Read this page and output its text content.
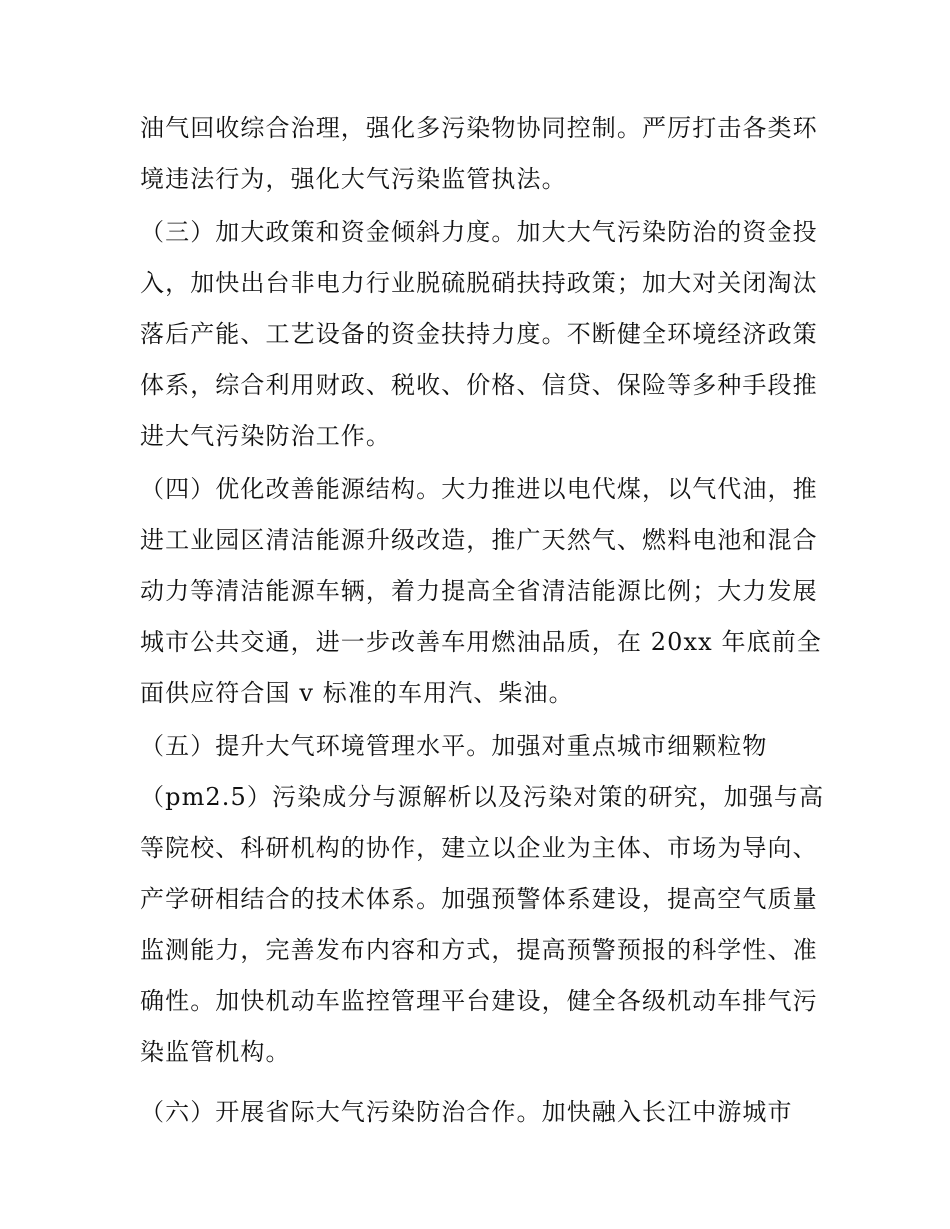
油气回收综合治理，强化多污染物协同控制。严厉打击各类环
境违法行为，强化大气污染监管执法。
（三）加大政策和资金倾斜力度。加大大气污染防治的资金投
入，加快出台非电力行业脱硫脱硝扶持政策；加大对关闭淘汰
落后产能、工艺设备的资金扶持力度。不断健全环境经济政策
体系，综合利用财政、税收、价格、信贷、保险等多种手段推
进大气污染防治工作。
（四）优化改善能源结构。大力推进以电代煤，以气代油，推
进工业园区清洁能源升级改造，推广天然气、燃料电池和混合
动力等清洁能源车辆，着力提高全省清洁能源比例；大力发展
城市公共交通，进一步改善车用燃油品质，在 20xx 年底前全
面供应符合国 v 标准的车用汽、柴油。
（五）提升大气环境管理水平。加强对重点城市细颗粒物
（pm2.5）污染成分与源解析以及污染对策的研究，加强与高
等院校、科研机构的协作，建立以企业为主体、市场为导向、
产学研相结合的技术体系。加强预警体系建设，提高空气质量
监测能力，完善发布内容和方式，提高预警预报的科学性、准
确性。加快机动车监控管理平台建设，健全各级机动车排气污
染监管机构。
（六）开展省际大气污染防治合作。加快融入长江中游城市
